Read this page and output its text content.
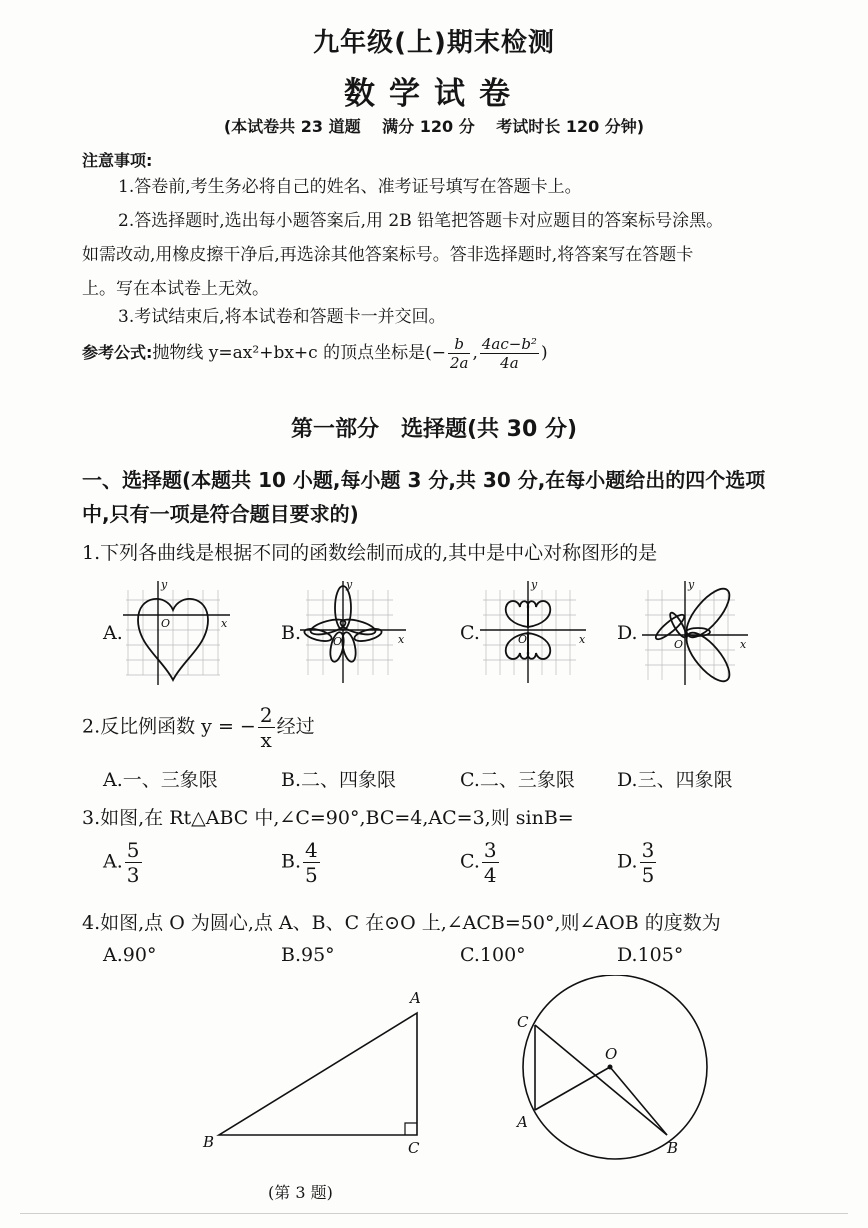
九年级(上)期末检测
数学试卷
(本试卷共 23 道题　 满分 120 分　 考试时长 120 分钟)
注意事项:
1.答卷前,考生务必将自己的姓名、准考证号填写在答题卡上。
2.答选择题时,选出每小题答案后,用 2B 铅笔把答题卡对应题目的答案标号涂黑。
如需改动,用橡皮擦干净后,再选涂其他答案标号。答非选择题时,将答案写在答题卡
上。写在本试卷上无效。
3.考试结束后,将本试卷和答题卡一并交回。
参考公式:抛物线 y=ax²+bx+c 的顶点坐标是(− $\frac{b}{2a}$ , $\frac{\text{4ac−b²}}{4a}$ )
第一部分　选择题(共 30 分)
一、选择题(本题共 10 小题,每小题 3 分,共 30 分,在每小题给出的四个选项
中,只有一项是符合题目要求的)
1.下列各曲线是根据不同的函数绘制而成的,其中是中心对称图形的是
A.	B.	C.	D.
y
x
O
y
x
O
y
x
O
y
x
O
2.反比例函数 y = − $\frac{2}{x}$ 经过
A.一、三象限	B.二、四象限	C.二、三象限 D.三、四象限
3.如图,在 Rt△ABC 中,∠C=90°,BC=4,AC=3,则 sinB=
A. $\frac{5}{3}$	B. $\frac{4}{5}$	C. $\frac{3}{4}$	D. $\frac{3}{5}$
4.如图,点 O 为圆心,点 A、B、C 在⊙O 上,∠ACB=50°,则∠AOB 的度数为
A.90°	B.95°	C.100°	D.105°
A
B	C
(第 3 题)
C
A
B
O
